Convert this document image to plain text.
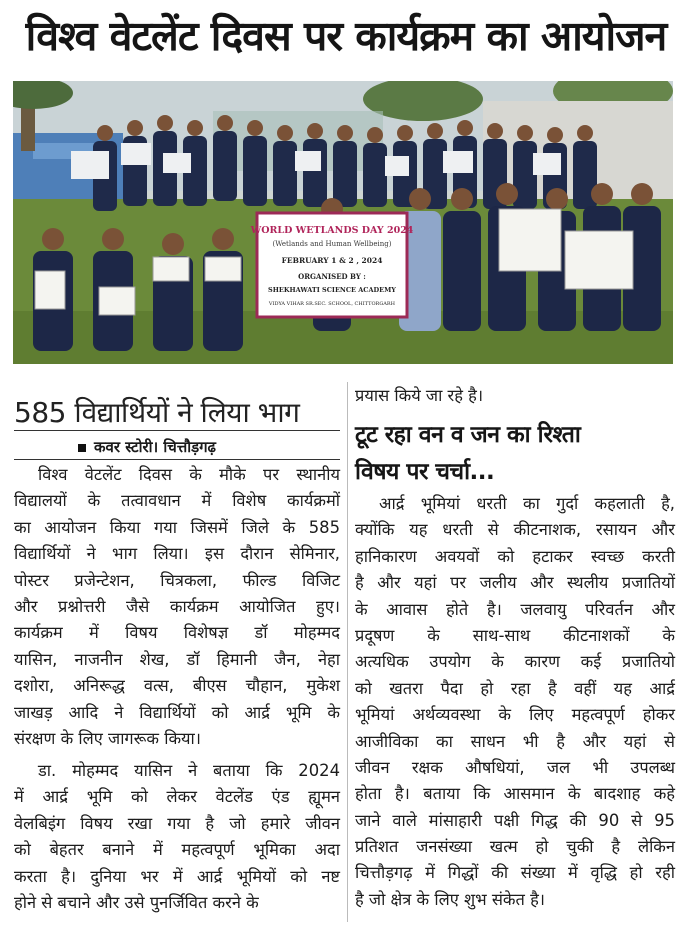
विश्व वेटलेंट दिवस पर कार्यक्रम का आयोजन
WORLD WETLANDS DAY 2024
(Wetlands and Human Wellbeing)
FEBRUARY 1 & 2 , 2024
ORGANISED BY :
SHEKHAWATI SCIENCE ACADEMY
VIDYA VIHAR SR.SEC. SCHOOL, CHITTORGARH
585 विद्यार्थियों ने लिया भाग
कवर स्टोरी। चित्तौड़गढ़
विश्व वेटलेंट दिवस के मौके पर स्थानीय
विद्यालयों के तत्वावधान में विशेष कार्यक्रमों
का आयोजन किया गया जिसमें जिले के 585
विद्यार्थियों ने भाग लिया। इस दौरान सेमिनार,
पोस्टर प्रजेन्टेशन, चित्रकला, फील्ड विजिट
और प्रश्नोत्तरी जैसे कार्यक्रम आयोजित हुए।
कार्यक्रम में विषय विशेषज्ञ डॉ मोहम्मद
यासिन, नाजनीन शेख, डॉ हिमानी जैन, नेहा
दशोरा, अनिरूद्ध वत्स, बीएस चौहान, मुकेश
जाखड़ आदि ने विद्यार्थियों को आर्द्र भूमि के
संरक्षण के लिए जागरूक किया।
डा. मोहम्मद यासिन ने बताया कि 2024
में आर्द्र भूमि को लेकर वेटलेंड एंड ह्यूमन
वेलबिइंग विषय रखा गया है जो हमारे जीवन
को बेहतर बनाने में महत्वपूर्ण भूमिका अदा
करता है। दुनिया भर में आर्द्र भूमियों को नष्ट
होने से बचाने और उसे पुनर्जिवित करने के
प्रयास किये जा रहे है।
टूट रहा वन व जन का रिश्ता
विषय पर चर्चा...
आर्द्र भूमियां धरती का गुर्दा कहलाती है,
क्योंकि यह धरती से कीटनाशक, रसायन और
हानिकारण अवयवों को हटाकर स्वच्छ करती
है और यहां पर जलीय और स्थलीय प्रजातियों
के आवास होते है। जलवायु परिवर्तन और
प्रदूषण के साथ-साथ कीटनाशकों के
अत्यधिक उपयोग के कारण कई प्रजातियो
को खतरा पैदा हो रहा है वहीं यह आर्द्र
भूमियां अर्थव्यवस्था के लिए महत्वपूर्ण होकर
आजीविका का साधन भी है और यहां से
जीवन रक्षक औषधियां, जल भी उपलब्ध
होता है। बताया कि आसमान के बादशाह कहे
जाने वाले मांसाहारी पक्षी गिद्ध की 90 से 95
प्रतिशत जनसंख्या खत्म हो चुकी है लेकिन
चित्तौड़गढ़ में गिद्धों की संख्या में वृद्धि हो रही
है जो क्षेत्र के लिए शुभ संकेत है।
